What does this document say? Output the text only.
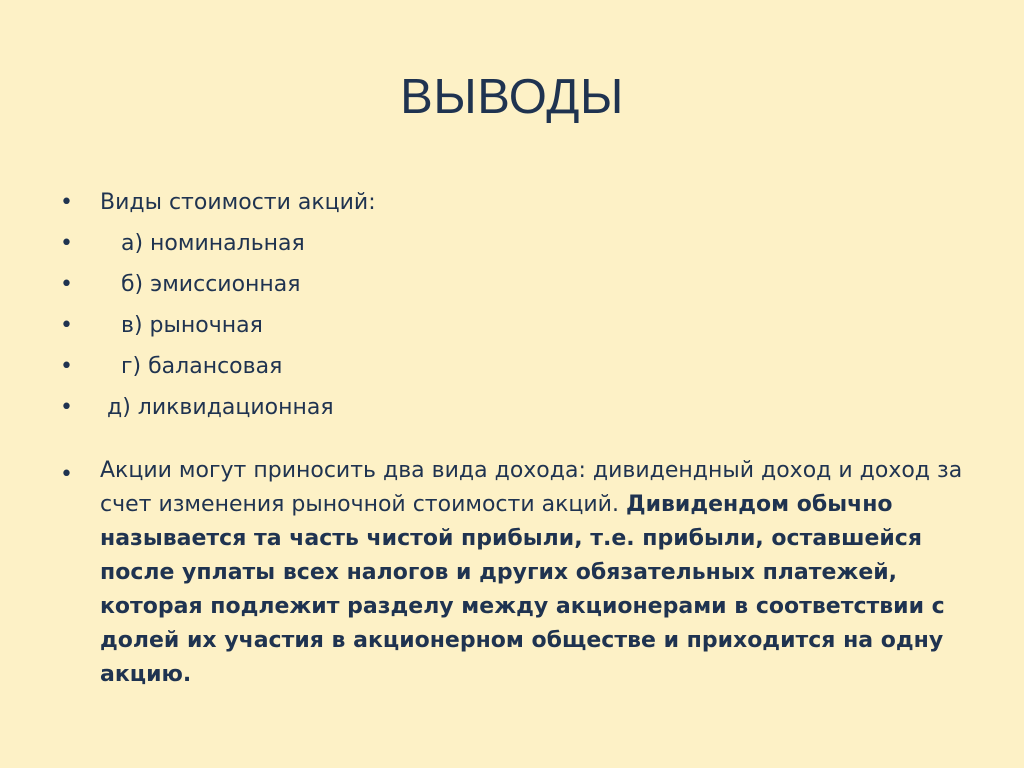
ВЫВОДЫ

•

	Виды стоимости акций:

•

	а) номинальная

•

	б) эмиссионная

•

	в) рыночная

•

	г) балансовая

•

	д) ликвидационная

•	Акции могут приносить два вида дохода: дивидендный доход и доход за счет изменения рыночной стоимости акций. Дивидендом обычно называется та часть чистой прибыли, т.е. прибыли, оставшейся после уплаты всех налогов и других обязательных платежей, которая подлежит разделу между акционерами в соответствии с долей их участия в акционерном обществе и приходится на одну акцию.
